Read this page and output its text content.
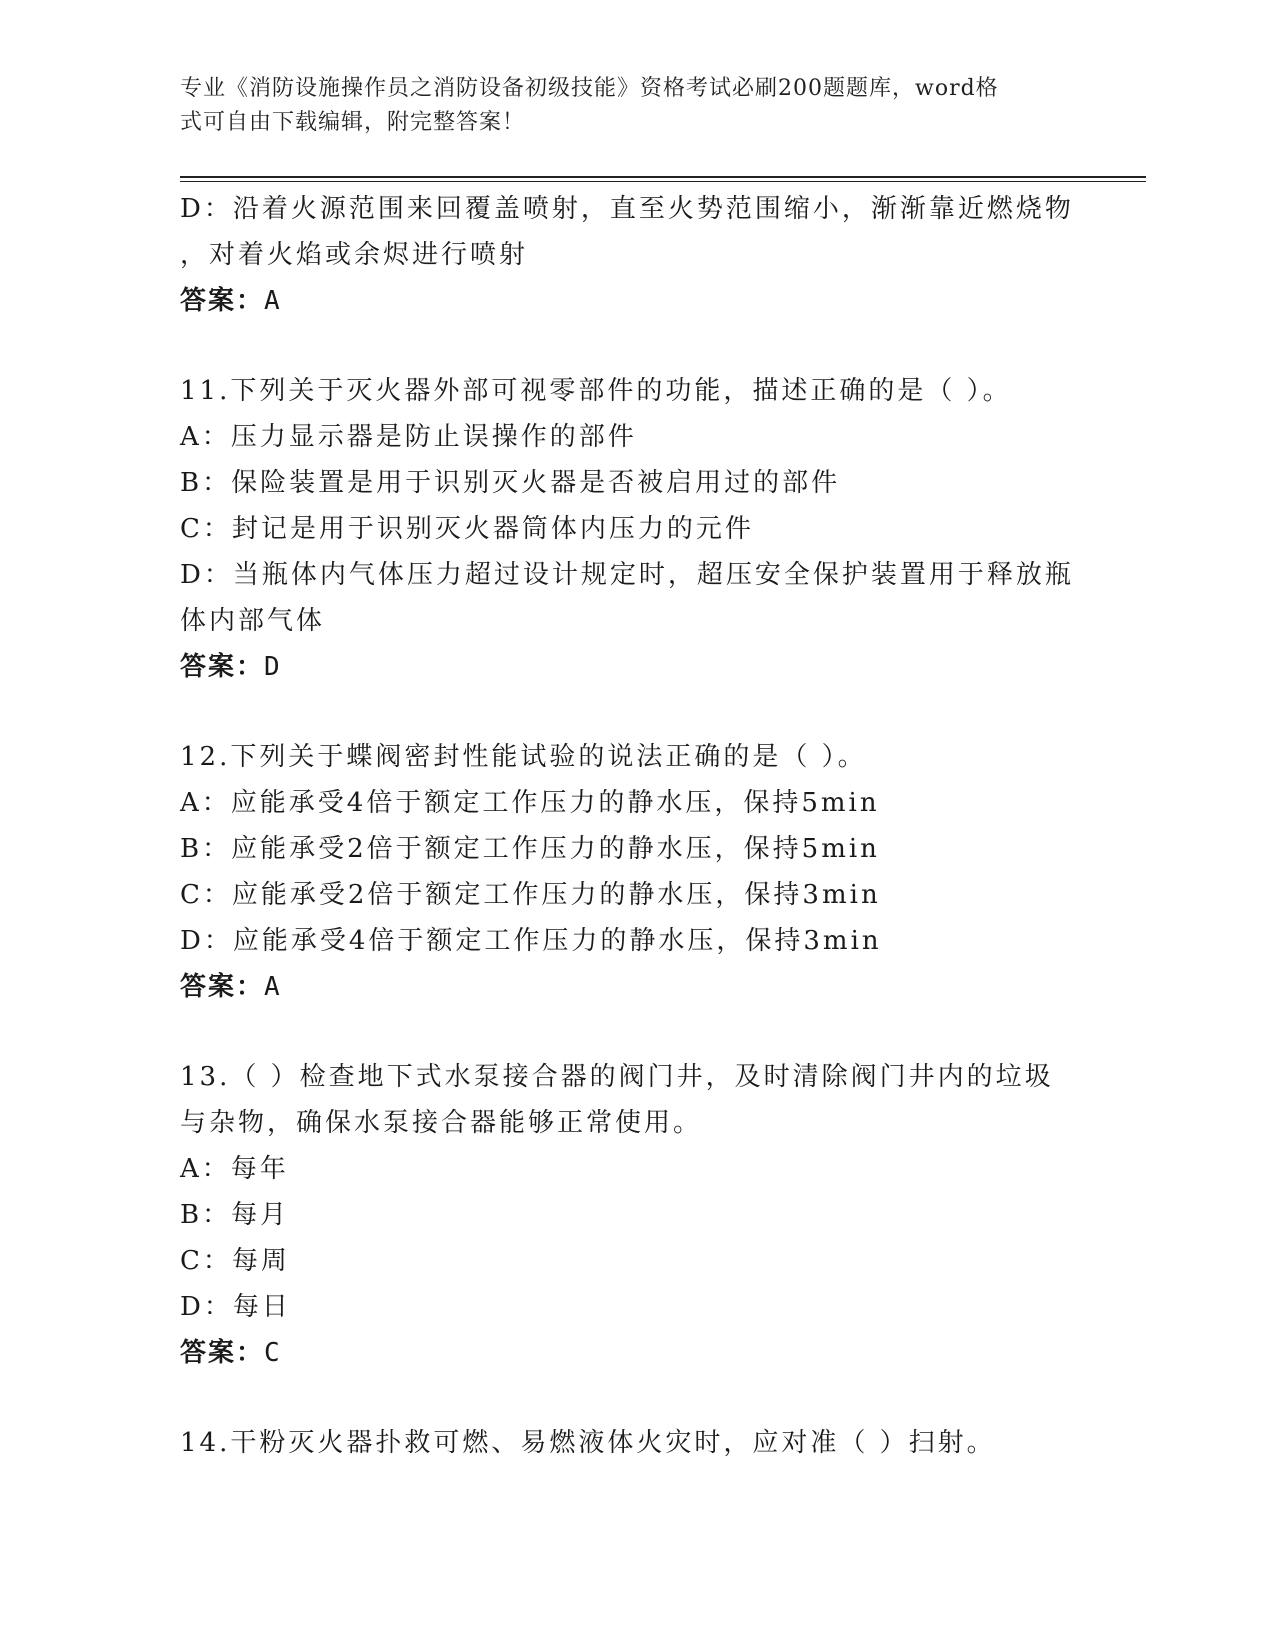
专业《消防设施操作员之消防设备初级技能》资格考试必刷200题题库，word格
式可自由下载编辑，附完整答案！
D：沿着火源范围来回覆盖喷射，直至火势范围缩小，渐渐靠近燃烧物
，对着火焰或余烬进行喷射
答案：A
11.下列关于灭火器外部可视零部件的功能，描述正确的是（ ）。
A：压力显示器是防止误操作的部件
B：保险装置是用于识别灭火器是否被启用过的部件
C：封记是用于识别灭火器筒体内压力的元件
D：当瓶体内气体压力超过设计规定时，超压安全保护装置用于释放瓶
体内部气体
答案：D
12.下列关于蝶阀密封性能试验的说法正确的是（ ）。
A：应能承受4倍于额定工作压力的静水压，保持5min
B：应能承受2倍于额定工作压力的静水压，保持5min
C：应能承受2倍于额定工作压力的静水压，保持3min
D：应能承受4倍于额定工作压力的静水压，保持3min
答案：A
13.（ ）检查地下式水泵接合器的阀门井，及时清除阀门井内的垃圾
与杂物，确保水泵接合器能够正常使用。
A：每年
B：每月
C：每周
D：每日
答案：C
14.干粉灭火器扑救可燃、易燃液体火灾时，应对准（ ）扫射。
